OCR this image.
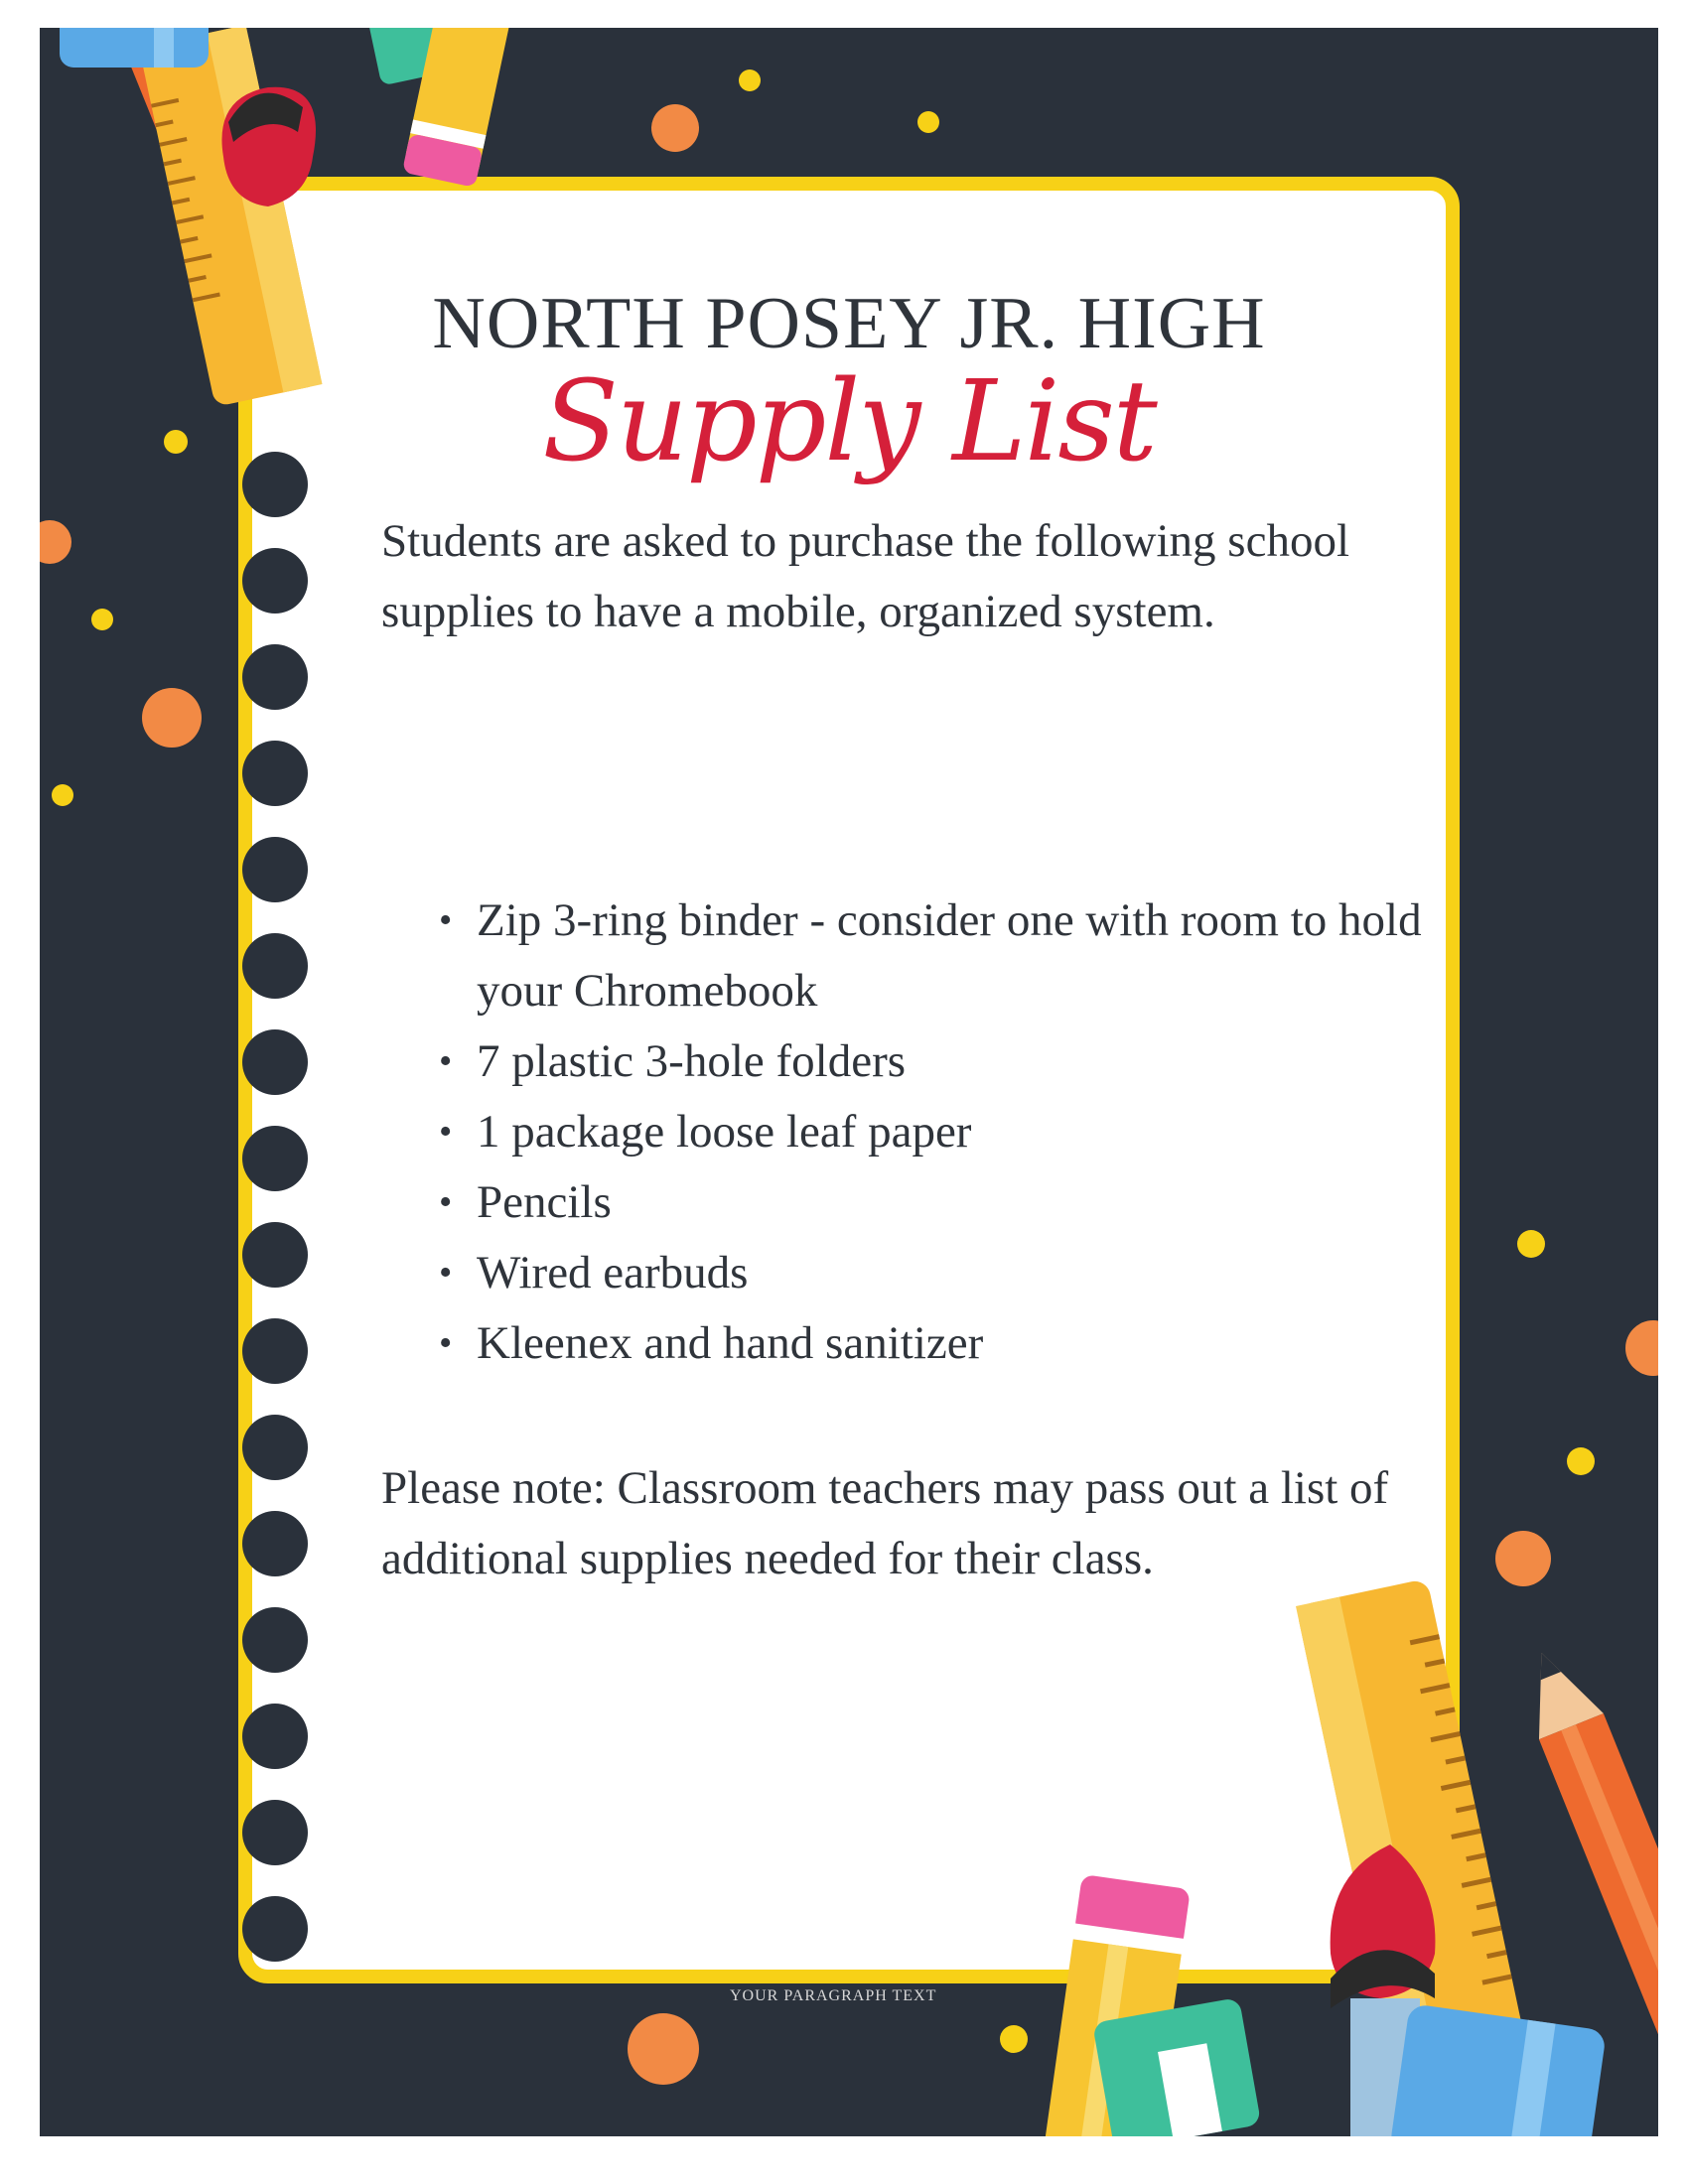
NORTH POSEY JR. HIGH
Supply List

Students are asked to purchase the following school supplies to have a mobile, organized system.

• Zip 3-ring binder - consider one with room to hold your Chromebook
• 7 plastic 3-hole folders
• 1 package loose leaf paper
• Pencils
• Wired earbuds
• Kleenex and hand sanitizer

Please note: Classroom teachers may pass out a list of additional supplies needed for their class.

YOUR PARAGRAPH TEXT
